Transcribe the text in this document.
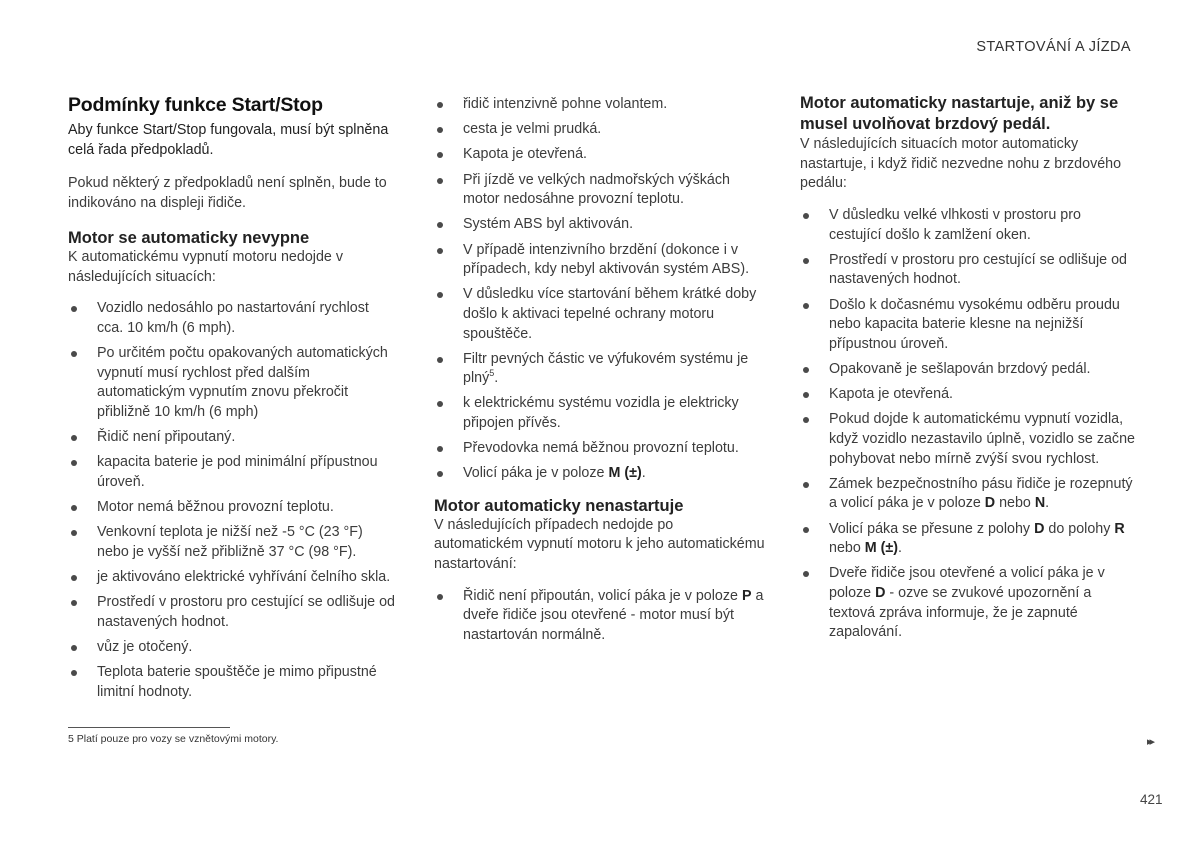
STARTOVÁNÍ A JÍZDA
Podmínky funkce Start/Stop

Aby funkce Start/Stop fungovala, musí být splněna celá řada předpokladů.

Pokud některý z předpokladů není splněn, bude to indikováno na displeji řidiče.

Motor se automaticky nevypne

K automatickému vypnutí motoru nedojde v následujících situacích:

Vozidlo nedosáhlo po nastartování rychlost cca. 10 km/h (6 mph).
Po určitém počtu opakovaných automatických vypnutí musí rychlost před dalším automatickým vypnutím znovu překročit přibližně 10 km/h (6 mph)
Řidič není připoutaný.
kapacita baterie je pod minimální přípustnou úroveň.
Motor nemá běžnou provozní teplotu.
Venkovní teplota je nižší než -5 °C (23 °F) nebo je vyšší než přibližně 37 °C (98 °F).
je aktivováno elektrické vyhřívání čelního skla.
Prostředí v prostoru pro cestující se odlišuje od nastavených hodnot.
vůz je otočený.
Teplota baterie spouštěče je mimo připustné limitní hodnoty.
řidič intenzivně pohne volantem.
cesta je velmi prudká.
Kapota je otevřená.
Při jízdě ve velkých nadmořských výškách motor nedosáhne provozní teplotu.
Systém ABS byl aktivován.
V případě intenzivního brzdění (dokonce i v případech, kdy nebyl aktivován systém ABS).
V důsledku více startování během krátké doby došlo k aktivaci tepelné ochrany motoru spouštěče.
Filtr pevných částic ve výfukovém systému je plný$^5$.
k elektrickému systému vozidla je elektricky připojen přívěs.
Převodovka nemá běžnou provozní teplotu.
Volicí páka je v poloze M (±).
Motor automaticky nenastartuje

V následujících případech nedojde po automatickém vypnutí motoru k jeho automatickému nastartování:

Řidič není připoután, volicí páka je v poloze P a dveře řidiče jsou otevřené - motor musí být nastartován normálně.
Motor automaticky nastartuje, aniž by se musel uvolňovat brzdový pedál.

V následujících situacích motor automaticky nastartuje, i když řidič nezvedne nohu z brzdového pedálu:

V důsledku velké vlhkosti v prostoru pro cestující došlo k zamlžení oken.
Prostředí v prostoru pro cestující se odlišuje od nastavených hodnot.
Došlo k dočasnému vysokému odběru proudu nebo kapacita baterie klesne na nejnižší přípustnou úroveň.
Opakovaně je sešlapován brzdový pedál.
Kapota je otevřená.
Pokud dojde k automatickému vypnutí vozidla, když vozidlo nezastavilo úplně, vozidlo se začne pohybovat nebo mírně zvýší svou rychlost.
Zámek bezpečnostního pásu řidiče je rozepnutý a volicí páka je v poloze D nebo N.
Volicí páka se přesune z polohy D do polohy R nebo M (±).
Dveře řidiče jsou otevřené a volicí páka je v poloze D - ozve se zvukové upozornění a textová zpráva informuje, že je zapnuté zapalování.
5 Platí pouze pro vozy se vznětovými motory.	▸▸
421
